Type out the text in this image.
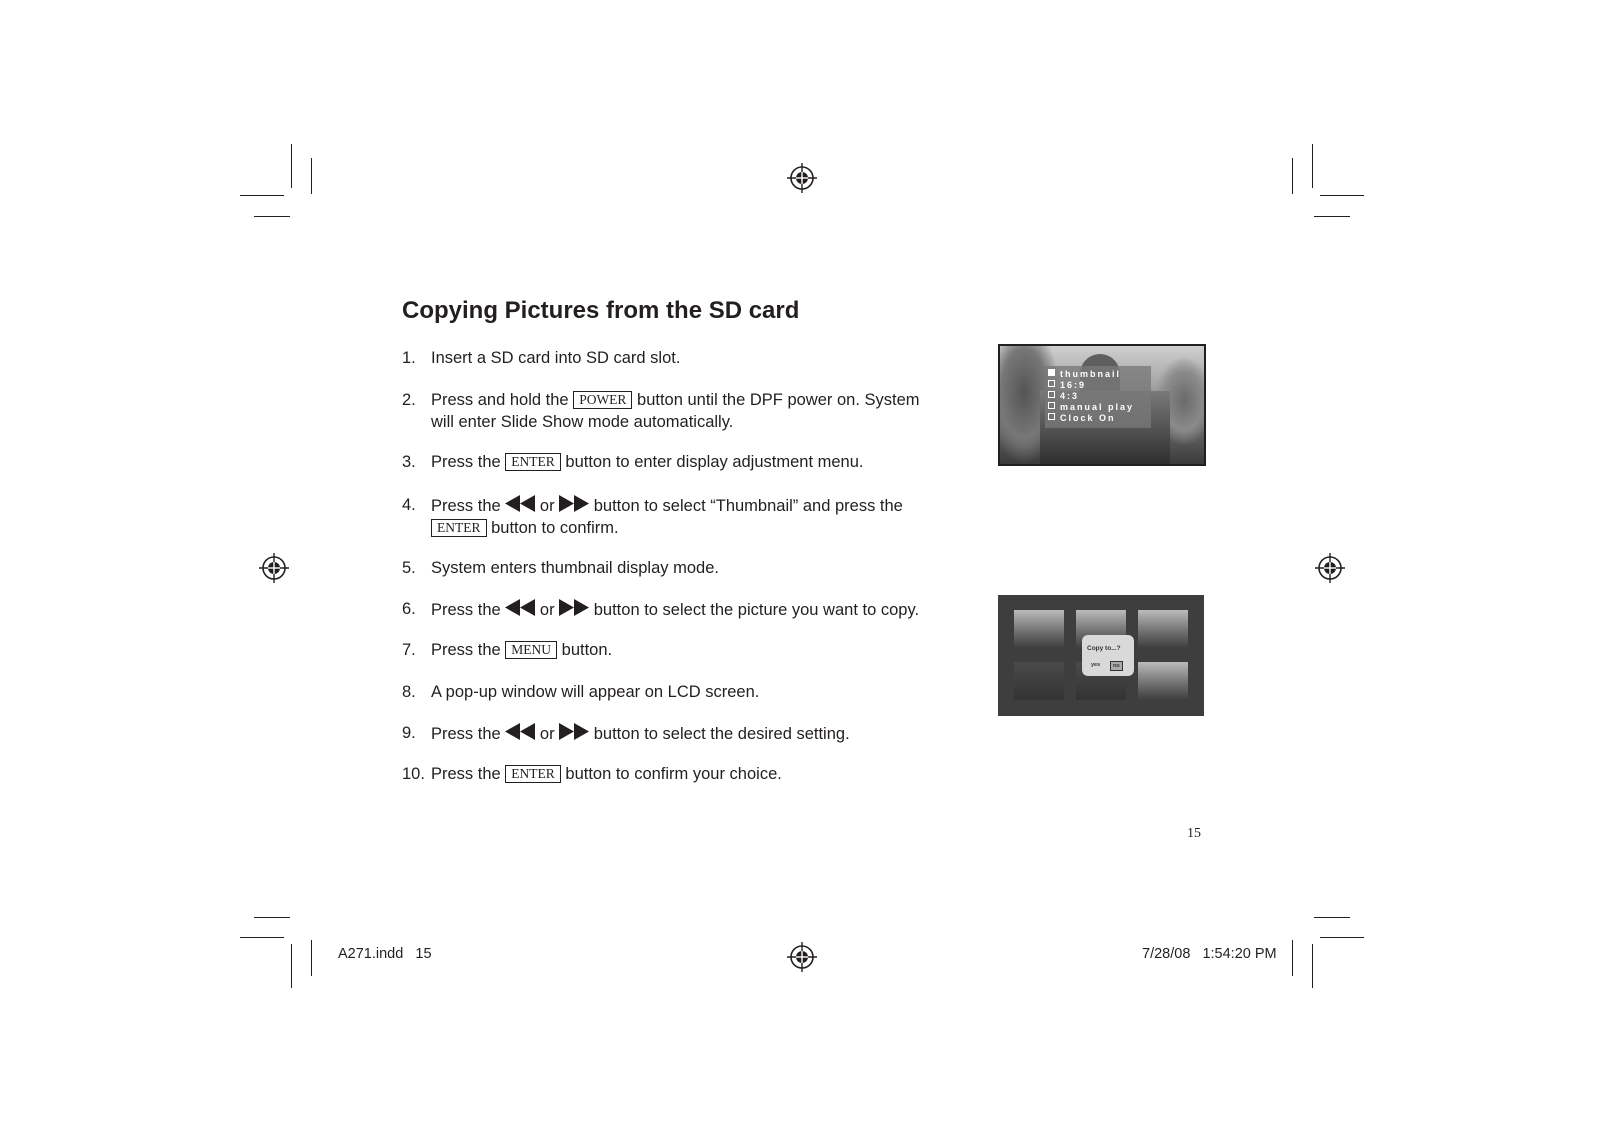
Copying Pictures from the SD card
1. Insert a SD card into SD card slot.
2. Press and hold the POWER button until the DPF power on. System
will enter Slide Show mode automatically.
3. Press the ENTER button to enter display adjustment menu.
4. Press the or button to select “Thumbnail” and press the
ENTER button to confirm.
5. System enters thumbnail display mode.
6. Press the or button to select the picture you want to copy.
7. Press the MENU button.
8. A pop-up window will appear on LCD screen.
9. Press the or button to select the desired setting.
10. Press the ENTER button to confirm your choice.
thumbnail
16:9
4:3
manual play
Clock On
Copy to...?
yes	no
15
A271.indd   15	7/28/08   1:54:20 PM
